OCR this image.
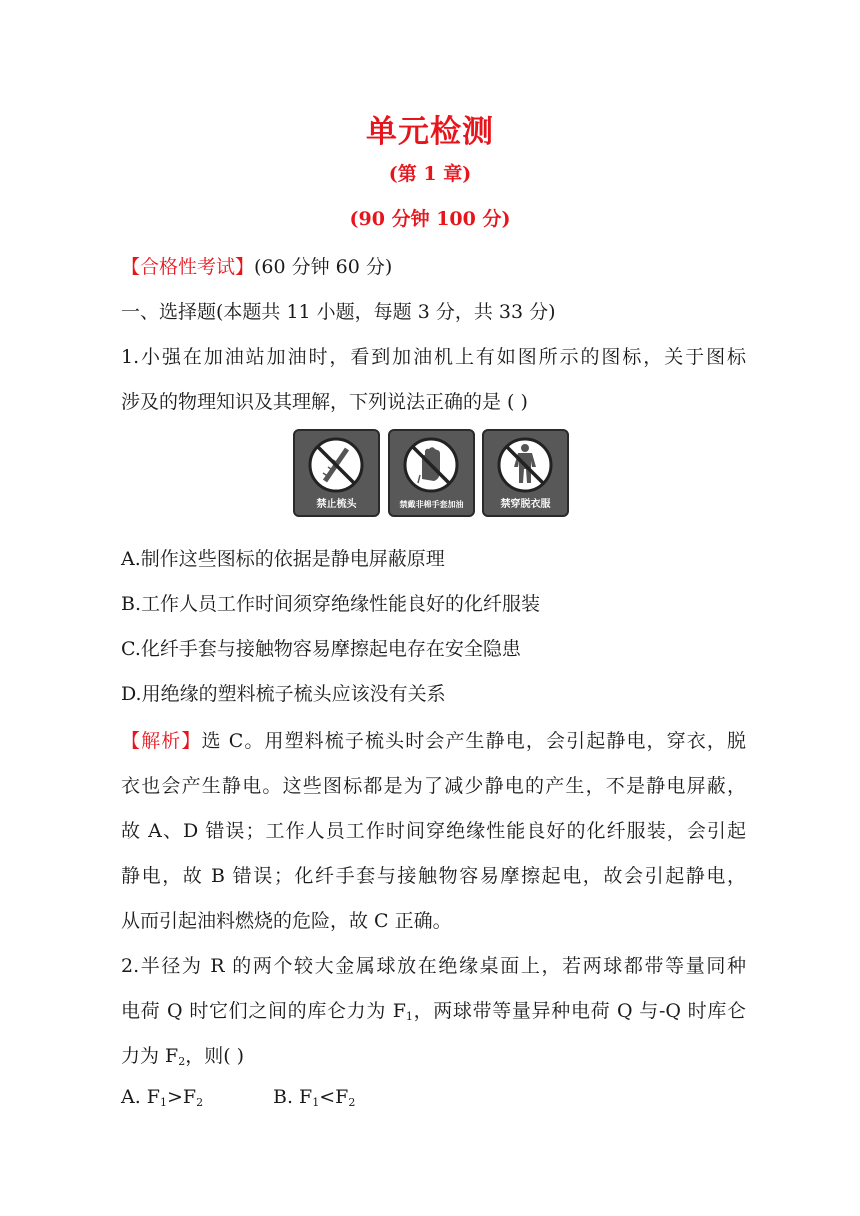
单元检测
(第 1 章)
(90 分钟 100 分)
【合格性考试】(60 分钟 60 分)
一、选择题(本题共 11 小题，每题 3 分，共 33 分)
1.小强在加油站加油时，看到加油机上有如图所示的图标，关于图标
涉及的物理知识及其理解，下列说法正确的是 ( )
禁止梳头	禁戴非棉手套加油	禁穿脱衣服
A.制作这些图标的依据是静电屏蔽原理
B.工作人员工作时间须穿绝缘性能良好的化纤服装
C.化纤手套与接触物容易摩擦起电存在安全隐患
D.用绝缘的塑料梳子梳头应该没有关系
【解析】选 C。用塑料梳子梳头时会产生静电，会引起静电，穿衣，脱
衣也会产生静电。这些图标都是为了减少静电的产生，不是静电屏蔽，
故 A、D 错误；工作人员工作时间穿绝缘性能良好的化纤服装，会引起
静电，故 B 错误；化纤手套与接触物容易摩擦起电，故会引起静电，
从而引起油料燃烧的危险，故 C 正确。
2.半径为 R 的两个较大金属球放在绝缘桌面上，若两球都带等量同种
电荷 Q 时它们之间的库仑力为 $F_1$，两球带等量异种电荷 Q 与-Q 时库仑
力为 $F_2$，则( )
A. $F_1>F_2$	B. $F_1<F_2$
